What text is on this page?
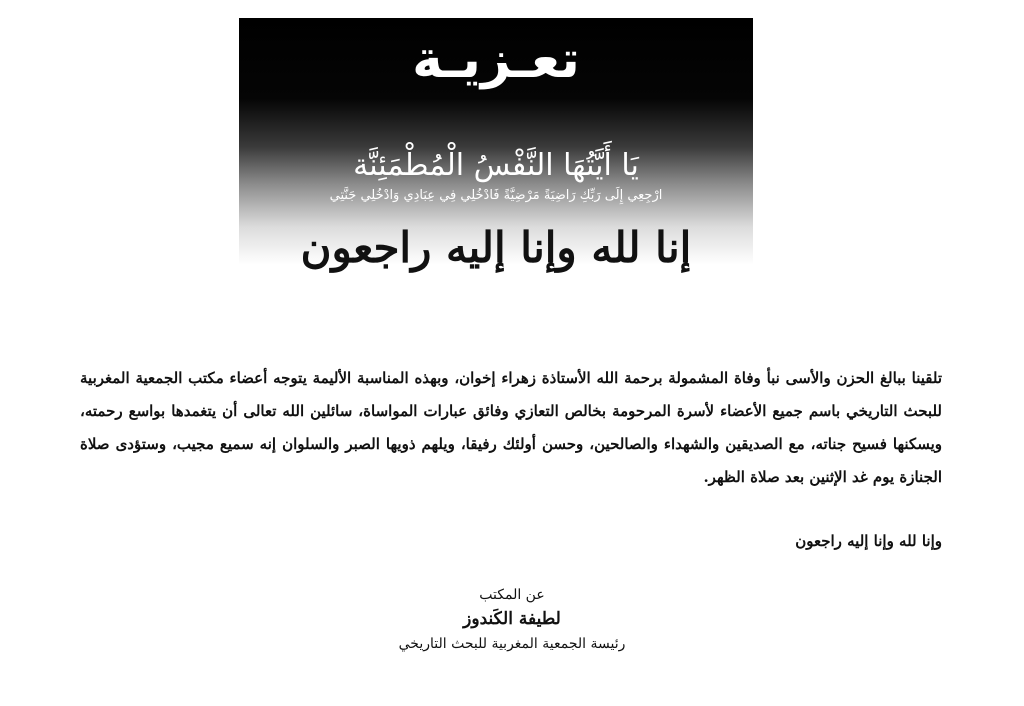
تعـزيـة
يَا أَيَّتُهَا النَّفْسُ الْمُطْمَئِنَّة
ارْجِعِي إِلَى رَبِّكِ رَاضِيَةً مَرْضِيَّةً فَادْخُلِي فِي عِبَادِي وَادْخُلِي جَنَّتِي
إنا لله وإنا إليه راجعون
تلقينا ببالغ الحزن والأسى نبأ وفاة المشمولة برحمة الله الأستاذة زهراء إخوان، وبهذه المناسبة الأليمة يتوجه أعضاء مكتب الجمعية المغربية للبحث التاريخي باسم جميع الأعضاء لأسرة المرحومة بخالص التعازي وفائق عبارات المواساة، سائلين الله تعالى أن يتغمدها بواسع رحمته، ويسكنها فسيح جناته، مع الصديقين والشهداء والصالحين، وحسن أولئك رفيقا، ويلهم ذويها الصبر والسلوان إنه سميع مجيب، وستؤدى صلاة الجنازة يوم غد الإثنين بعد صلاة الظهر.
وإنا لله وإنا إليه راجعون
عن المكتب
لطيفة الكَندوز
رئيسة الجمعية المغربية للبحث التاريخي
